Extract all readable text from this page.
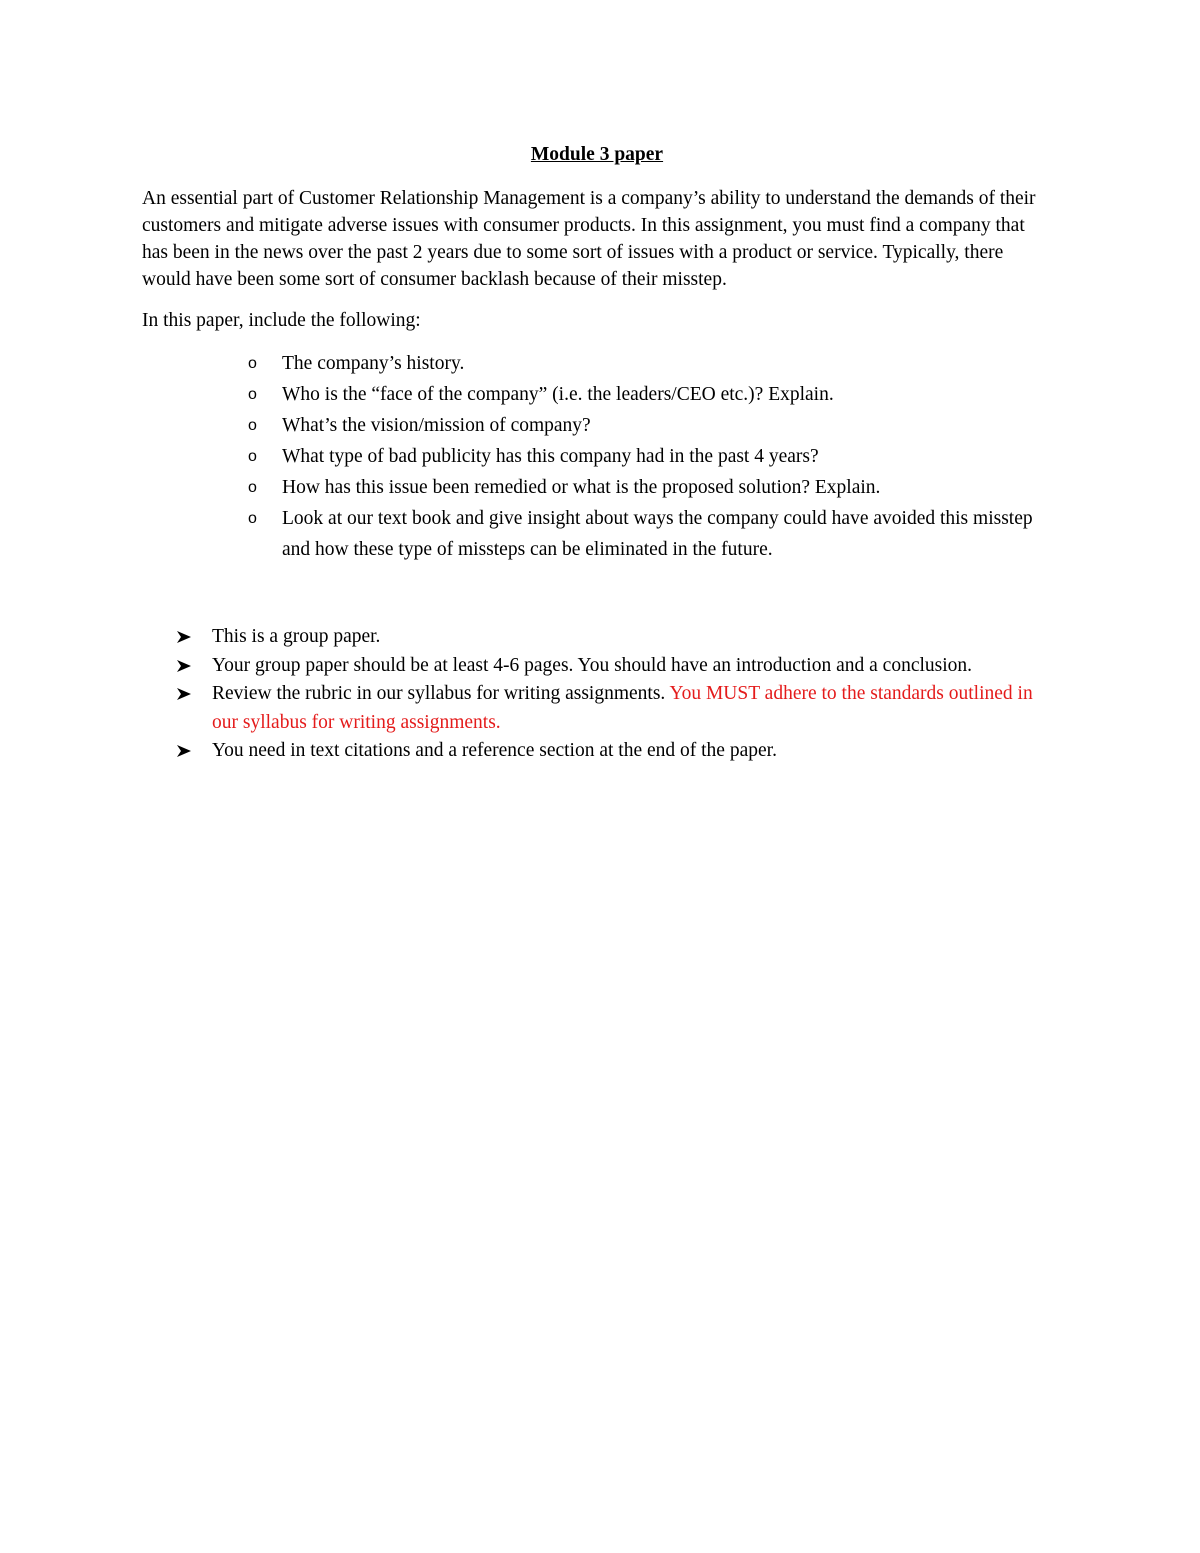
Module 3 paper

An essential part of Customer Relationship Management is a company’s ability to understand the demands of their customers and mitigate adverse issues with consumer products. In this assignment, you must find a company that has been in the news over the past 2 years due to some sort of issues with a product or service. Typically, there would have been some sort of consumer backlash because of their misstep.

In this paper, include the following:

o The company’s history.
o Who is the “face of the company” (i.e. the leaders/CEO etc.)? Explain.
o What’s the vision/mission of company?
o What type of bad publicity has this company had in the past 4 years?
o How has this issue been remedied or what is the proposed solution? Explain.
o Look at our text book and give insight about ways the company could have avoided this misstep and how these type of missteps can be eliminated in the future.
This is a group paper.
Your group paper should be at least 4-6 pages. You should have an introduction and a conclusion.
Review the rubric in our syllabus for writing assignments. You MUST adhere to the standards outlined in our syllabus for writing assignments.
You need in text citations and a reference section at the end of the paper.
